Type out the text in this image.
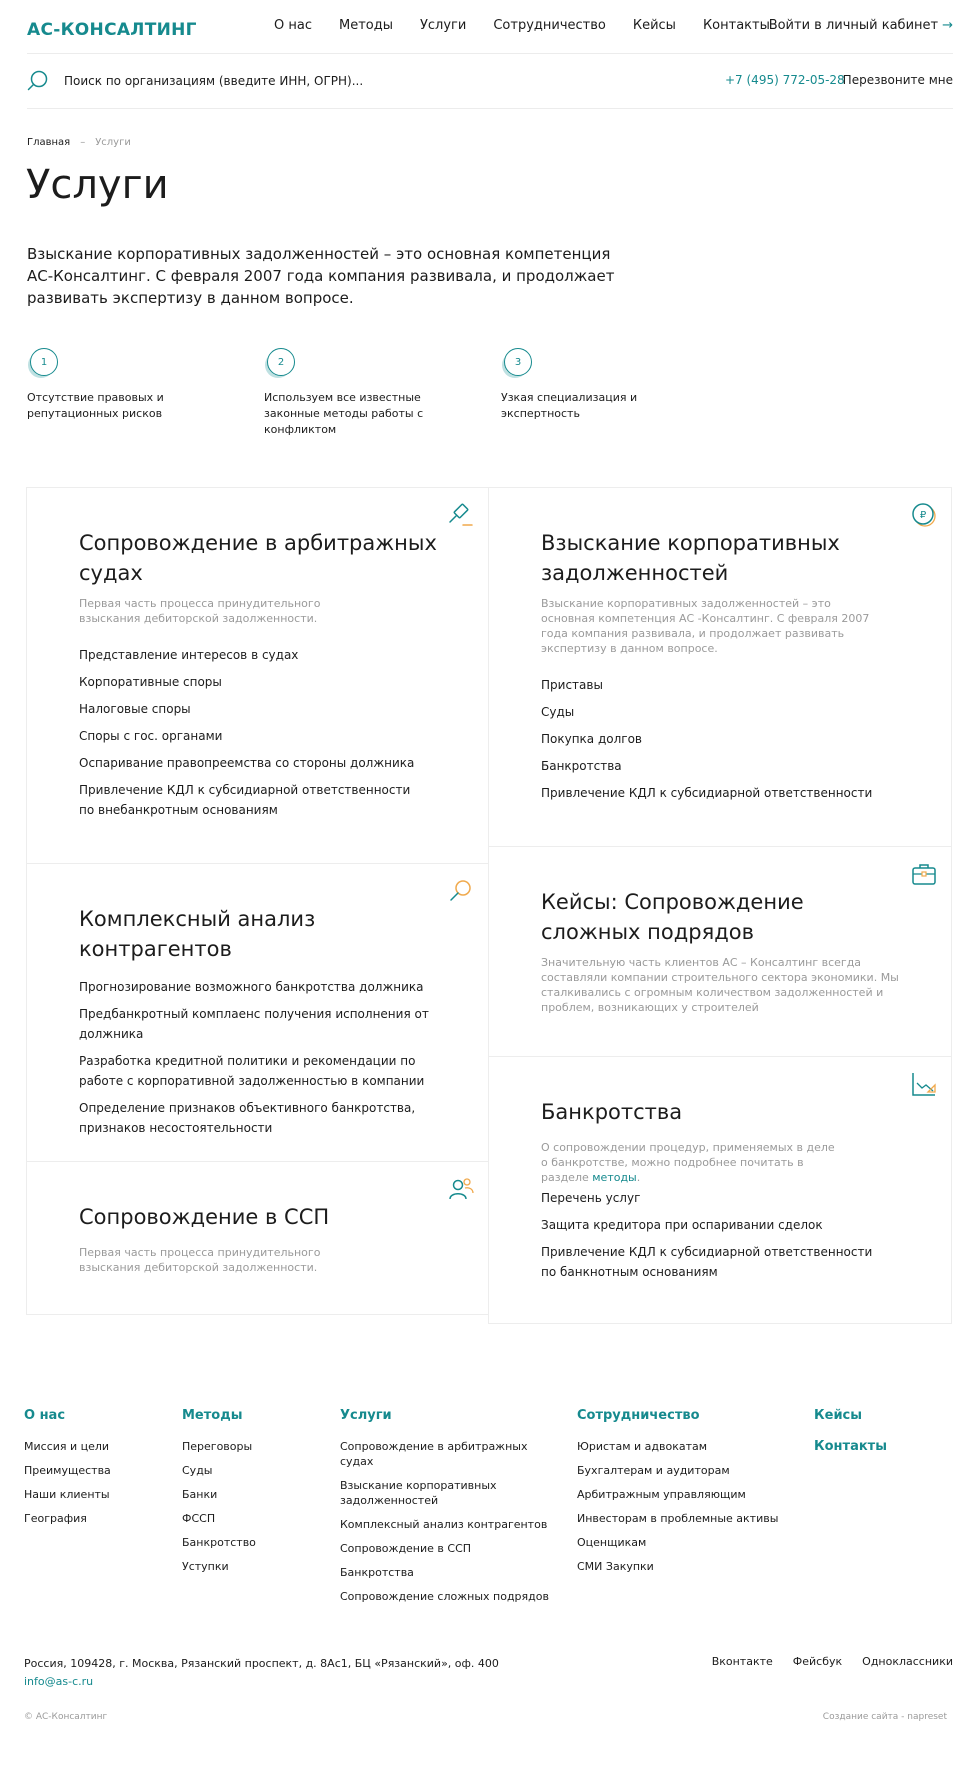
АС-КОНСАЛТИНГ	О нас Методы Услуги Сотрудничество Кейсы Контакты
Войти в личный кабинет →
Поиск по организациям (введите ИНН, ОГРН)...
+7 (495) 772-05-28
Перезвоните мне
Главная – Услуги
Услуги

Взыскание корпоративных задолженностей – это основная компетенция АС-Консалтинг. С февраля 2007 года компания развивала, и продолжает развивать экспертизу в данном вопросе.

1

Отсутствие правовых и репутационных рисков

2

Используем все известные законные методы работы с конфликтом

3

Узкая специализация и экспертность

Сопровождение в арбитражных судах

Первая часть процесса принудительного взыскания дебиторской задолженности.

Представление интересов в судах
Корпоративные споры
Налоговые споры
Споры с гос. органами
Оспаривание правопреемства со стороны должника
Привлечение КДЛ к субсидиарной ответственности по внебанкротным основаниям
₽
Взыскание корпоративных задолженностей

Взыскание корпоративных задолженностей – это основная компетенция АС -Консалтинг. С февраля 2007 года компания развивала, и продолжает развивать экспертизу в данном вопросе.

Приставы
Суды
Покупка долгов
Банкротства
Привлечение КДЛ к субсидиарной ответственности
Комплексный анализ контрагентов
Прогнозирование возможного банкротства должника
Предбанкротный комплаенс получения исполнения от должника
Разработка кредитной политики и рекомендации по работе с корпоративной задолженностью в компании
Определение признаков объективного банкротства, признаков несостоятельности
Кейсы: Сопровождение сложных подрядов

Значительную часть клиентов АС – Консалтинг всегда составляли компании строительного сектора экономики. Мы сталкивались с огромным количеством задолженностей и проблем, возникающих у строителей

Сопровождение в ССП

Первая часть процесса принудительного взыскания дебиторской задолженности.

Банкротства

О сопровождении процедур, применяемых в деле о банкротстве, можно подробнее почитать в разделе методы.

Перечень услуг
Защита кредитора при оспаривании сделок
Привлечение КДЛ к субсидиарной ответственности по банкнотным основаниям
О нас
Миссия и цели
Преимущества
Наши клиенты
География
Методы
Переговоры
Суды
Банки
ФССП
Банкротство
Уступки
Услуги
Сопровождение в арбитражных судах
Взыскание корпоративных задолженностей
Комплексный анализ контрагентов
Сопровождение в ССП
Банкротства
Сопровождение сложных подрядов
Сотрудничество
Юристам и адвокатам
Бухгалтерам и аудиторам
Арбитражным управляющим
Инвесторам в проблемные активы
Оценщикам
СМИ Закупки
Кейсы
Контакты

Россия, 109428, г. Москва, Рязанский проспект, д. 8Ас1, БЦ «Рязанский», оф. 400

info@as-c.ru
Вконтакте Фейсбук Одноклассники

© АС-Консалтинг	Создание сайта - napreset
